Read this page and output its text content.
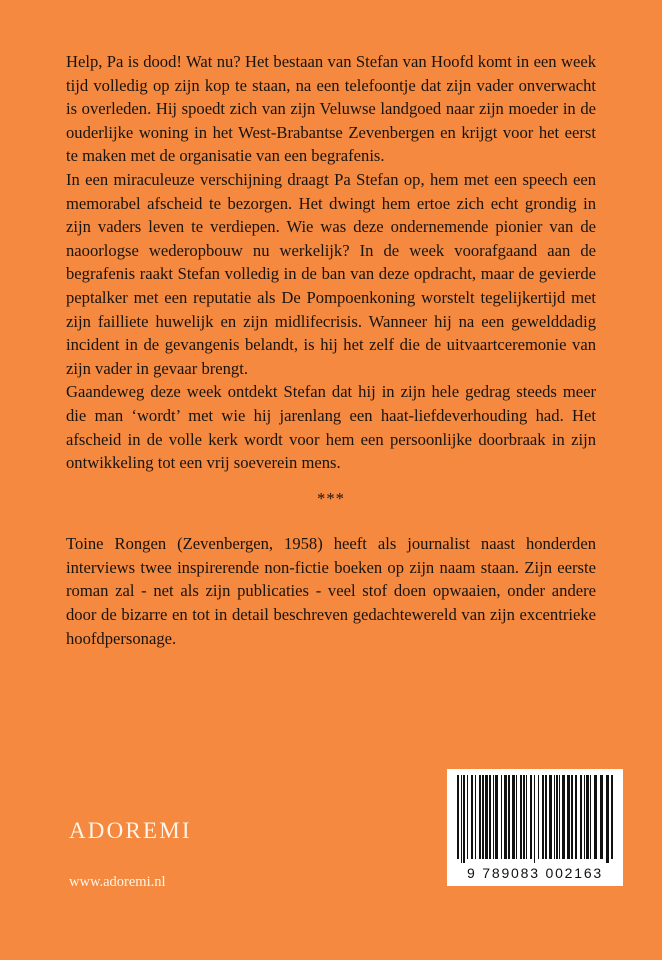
Help, Pa is dood! Wat nu? Het bestaan van Stefan van Hoofd komt in een week tijd volledig op zijn kop te staan, na een telefoontje dat zijn vader onverwacht is overleden. Hij spoedt zich van zijn Veluwse landgoed naar zijn moeder in de ouderlijke woning in het West-Brabantse Zevenbergen en krijgt voor het eerst te maken met de organisatie van een begrafenis.

In een miraculeuze verschijning draagt Pa Stefan op, hem met een speech een memorabel afscheid te bezorgen. Het dwingt hem ertoe zich echt grondig in zijn vaders leven te verdiepen. Wie was deze ondernemende pionier van de naoorlogse wederopbouw nu werkelijk? In de week voorafgaand aan de begrafenis raakt Stefan volledig in de ban van deze opdracht, maar de gevierde peptalker met een reputatie als De Pompoenkoning worstelt tegelijkertijd met zijn failliete huwelijk en zijn midlifecrisis. Wanneer hij na een gewelddadig incident in de gevangenis belandt, is hij het zelf die de uitvaartceremonie van zijn vader in gevaar brengt.

Gaandeweg deze week ontdekt Stefan dat hij in zijn hele gedrag steeds meer die man ‘wordt’ met wie hij jarenlang een haat-liefdeverhouding had. Het afscheid in de volle kerk wordt voor hem een persoonlijke doorbraak in zijn ontwikkeling tot een vrij soeverein mens.

***

Toine Rongen (Zevenbergen, 1958) heeft als journalist naast honderden interviews twee inspirerende non-fictie boeken op zijn naam staan. Zijn eerste roman zal - net als zijn publicaties - veel stof doen opwaaien, onder andere door de bizarre en tot in detail beschreven gedachtewereld van zijn excentrieke hoofdpersonage.

ADOREMI
www.adoremi.nl
9 789083 002163
